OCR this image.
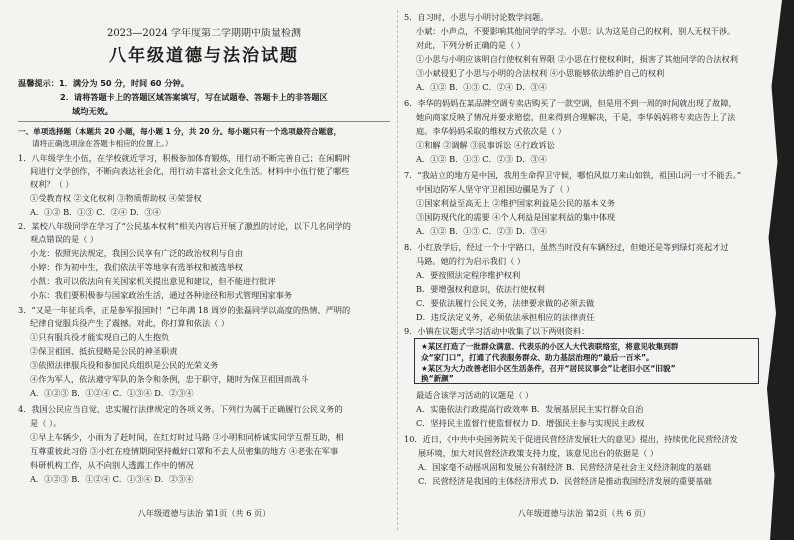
2023—2024 学年度第二学期期中质量检测
八年级道德与法治试题
温馨提示：1．满分为 50 分，时间 60 分钟。
2．请将答题卡上的答题区域答案填写，写在试题卷、答题卡上的非答题区
域均无效。
一、单项选择题（本题共 20 小题，每小题 1 分，共 20 分。每小题只有一个选项最符合题意，
请将正确选项涂在答题卡相应的位置上。）
1．八年级学生小伍，在学校就近学习，积极参加体育锻炼，用行动不断完善自己；在闲暇时
间进行文学创作，不断向表达社会化，用行动丰富社会文化生活。材料中小伍行使了哪些
权利？（ ）
①受教育权 ②文化权利 ③物质帮助权 ④荣誉权
A．①② B．①③ C．②④ D．③④
2．某校八年级同学在学习了“公民基本权利”相关内容后开展了激烈的讨论，以下几名同学的
观点错误的是（ ）
小龙：依照宪法规定，我国公民享有广泛的政治权利与自由
小婷：作为初中生，我们依法平等地享有选举权和被选举权
小凯：我可以依法向有关国家机关提出意见和建议，但不能进行批评
小东：我们要积极参与国家政治生活，通过各种途径和形式管理国家事务
3．“又是一年征兵季，正是参军报国时！”已年满 18 周岁的张磊同学以高度的热情、严明的
纪律自觉服兵役产生了震撼。对此，你打算和依法（ ）
①只有服兵役才能实现自己的人生抱负
②保卫祖国、抵抗侵略是公民的神圣职责
③依照法律服兵役和参加民兵组织是公民的光荣义务
④作为军人，依法遵守军队的条令和条例，忠于职守，随时为保卫祖国而战斗
A．①②③ B．①②④ C．①③④ D．②③④
4．我国公民应当自觉、忠实履行法律规定的各项义务。下列行为属于正确履行公民义务的
是（ ）。
①早上车辆少，小雨为了赶时间，在红灯时过马路 ②小明和同桥诚实同学互帮互助，相
互尊重彼此习俗 ③小红在疫情期间坚持戴好口罩和不去人员密集的地方 ④老张在军事
科研机构工作，从不向别人透露工作中的情况
A．①②③ B．①②④ C．①③④ D．②③④
八年级道德与法治 第1页（共 6 页）
5．自习时，小思与小明讨论数学问题。
小斌：小声点，不要影响其他同学的学习。小思：认为这是自己的权利，别人无权干涉。
对此，下列分析正确的是（ ）
①小思与小明应该明自行使权利有界限 ②小思在行使权利时，损害了其他同学的合法权利
③小斌侵犯了小思与小明的合法权利 ④小思能够依法维护自己的权利
A．①② B．①③ C．②④ D．③④
6．李华的妈妈在某品牌空调专卖店购买了一款空调，但是用不到一周的时间就出现了故障，
她向商家反映了情况并要求赔偿，但来得到合理解决，于是，李华妈妈将专卖店告上了法
庭。李华妈妈采取的维权方式依次是（ ）
①和解 ②调解 ③民事诉讼 ④行政诉讼
A．①② B．①③ C．②③ D．③④
7．“我站立的地方是中国，我用生命捍卫守候，哪怕风似刀来山如铁，祖国山河一寸不能丢。”
中国边防军人坚守守卫祖国边疆是为了（ ）
①国家利益至高无上 ②维护国家利益是公民的基本义务
③国防现代化的需要 ④个人利益是国家利益的集中体现
A．①② B．①③ C．②③ D．③④
8．小红放学后，经过一个十字路口，虽然当时没有车辆经过，但她还是等到绿灯亮起才过
马路。她的行为启示我们（ ）
A．要按照法定程序维护权利
B．要增强权利意识，依法行使权利
C．要依法履行公民义务，法律要求做的必须去做
D．违反法定义务，必须依法承担相应的法律责任
9．小镇在议题式学习活动中收集了以下两则资料：
★某区打造了一批群众满意、代表乐的小区人大代表联络室，将意见收集到群
众“家门口”，打通了代表服务群众、助力基层治理的“最后一百米”。
★某区为大力改善老旧小区生活条件，召开“居民议事会”让老旧小区“旧貌”
换“新颜”
最适合该学习活动的议题是（ ）
A．实施依法行政提高行政效率 B．发展基层民主实行群众自治
C．坚持民主监督行使监督权力 D．增强民主参与实现民主政权
10．近日，《中共中央国务院关于促进民营经济发展壮大的意见》提出，持续优化民营经济发
展环境，加大对民营经济政策支持力度，该意见出台的依据是（ ）
A．国家毫不动摇巩固和发展公有制经济 B．民营经济是社会主义经济制度的基础
C．民营经济是我国的主体经济形式 D．民营经济是推动我国经济发展的重要基础
八年级道德与法治 第2页（共 6 页）
